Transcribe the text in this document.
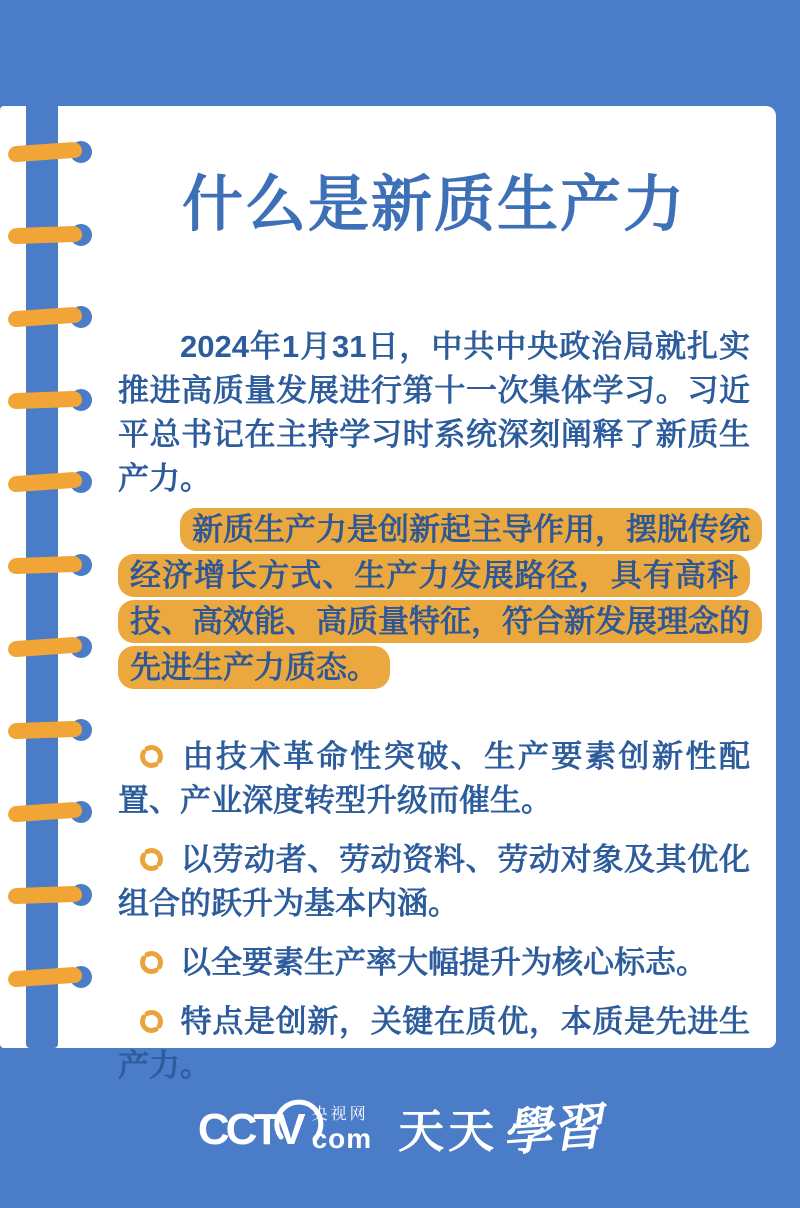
什么是新质生产力

2024年1月31日，中共中央政治局就扎实推进高质量发展进行第十一次集体学习。习近平总书记在主持学习时系统深刻阐释了新质生产力。

新质生产力是创新起主导作用，摆脱传统经济增长方式、生产力发展路径，具有高科技、高效能、高质量特征，符合新发展理念的先进生产力质态。

由技术革命性突破、生产要素创新性配置、产业深度转型升级而催生。
以劳动者、劳动资料、劳动对象及其优化组合的跃升为基本内涵。
以全要素生产率大幅提升为核心标志。
特点是创新，关键在质优，本质是先进生产力。
CCTV 央视网
com 天天 學習
